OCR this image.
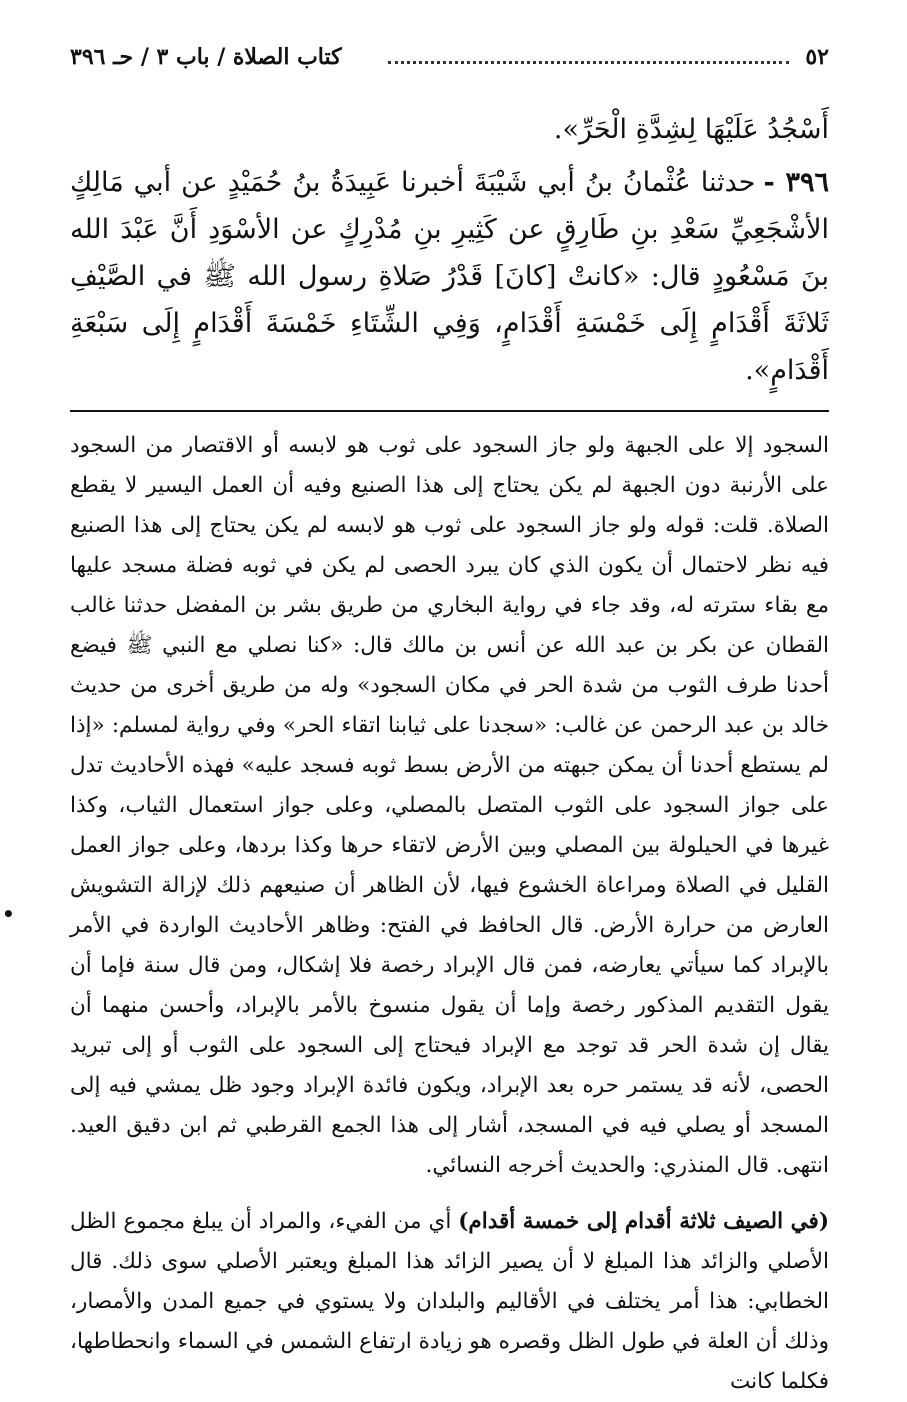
٥٢
كتاب الصلاة / باب ٣ / حـ ٣٩٦

أَسْجُدُ عَلَيْهَا لِشِدَّةِ الْحَرِّ».

٣٩٦ -حدثنا عُثْمانُ بنُ أبي شَيْبَةَ أخبرنا عَبِيدَةُ بنُ حُمَيْدٍ عن أبي مَالِكٍ الأشْجَعِيِّ سَعْدِ بنِ طَارِقٍ عن كَثِيرِ بنِ مُدْرِكٍ عن الأسْوَدِ أَنَّ عَبْدَ الله بنَ مَسْعُودٍ قال: «كانتْ [كانَ] قَدْرُ صَلاةِ رسول الله ﷺ في الصَّيْفِ ثَلاثَةَ أَقْدَامٍ إِلَى خَمْسَةِ أَقْدَامٍ، وَفِي الشِّتَاءِ خَمْسَةَ أَقْدَامٍ إِلَى سَبْعَةِ أَقْدَامٍ».

السجود إلا على الجبهة ولو جاز السجود على ثوب هو لابسه أو الاقتصار من السجود على الأرنبة دون الجبهة لم يكن يحتاج إلى هذا الصنيع وفيه أن العمل اليسير لا يقطع الصلاة. قلت: قوله ولو جاز السجود على ثوب هو لابسه لم يكن يحتاج إلى هذا الصنيع فيه نظر لاحتمال أن يكون الذي كان يبرد الحصى لم يكن في ثوبه فضلة مسجد عليها مع بقاء سترته له، وقد جاء في رواية البخاري من طريق بشر بن المفضل حدثنا غالب القطان عن بكر بن عبد الله عن أنس بن مالك قال: «كنا نصلي مع النبي ﷺ فيضع أحدنا طرف الثوب من شدة الحر في مكان السجود» وله من طريق أخرى من حديث خالد بن عبد الرحمن عن غالب: «سجدنا على ثيابنا اتقاء الحر» وفي رواية لمسلم: «إذا لم يستطع أحدنا أن يمكن جبهته من الأرض بسط ثوبه فسجد عليه» فهذه الأحاديث تدل على جواز السجود على الثوب المتصل بالمصلي، وعلى جواز استعمال الثياب، وكذا غيرها في الحيلولة بين المصلي وبين الأرض لاتقاء حرها وكذا بردها، وعلى جواز العمل القليل في الصلاة ومراعاة الخشوع فيها، لأن الظاهر أن صنيعهم ذلك لإزالة التشويش العارض من حرارة الأرض. قال الحافظ في الفتح: وظاهر الأحاديث الواردة في الأمر بالإبراد كما سيأتي يعارضه، فمن قال الإبراد رخصة فلا إشكال، ومن قال سنة فإما أن يقول التقديم المذكور رخصة وإما أن يقول منسوخ بالأمر بالإبراد، وأحسن منهما أن يقال إن شدة الحر قد توجد مع الإبراد فيحتاج إلى السجود على الثوب أو إلى تبريد الحصى، لأنه قد يستمر حره بعد الإبراد، ويكون فائدة الإبراد وجود ظل يمشي فيه إلى المسجد أو يصلي فيه في المسجد، أشار إلى هذا الجمع القرطبي ثم ابن دقيق العيد. انتهى. قال المنذري: والحديث أخرجه النسائي.

(في الصيف ثلاثة أقدام إلى خمسة أقدام) أي من الفيء، والمراد أن يبلغ مجموع الظل الأصلي والزائد هذا المبلغ لا أن يصير الزائد هذا المبلغ ويعتبر الأصلي سوى ذلك. قال الخطابي: هذا أمر يختلف في الأقاليم والبلدان ولا يستوي في جميع المدن والأمصار، وذلك أن العلة في طول الظل وقصره هو زيادة ارتفاع الشمس في السماء وانحطاطها، فكلما كانت

•
